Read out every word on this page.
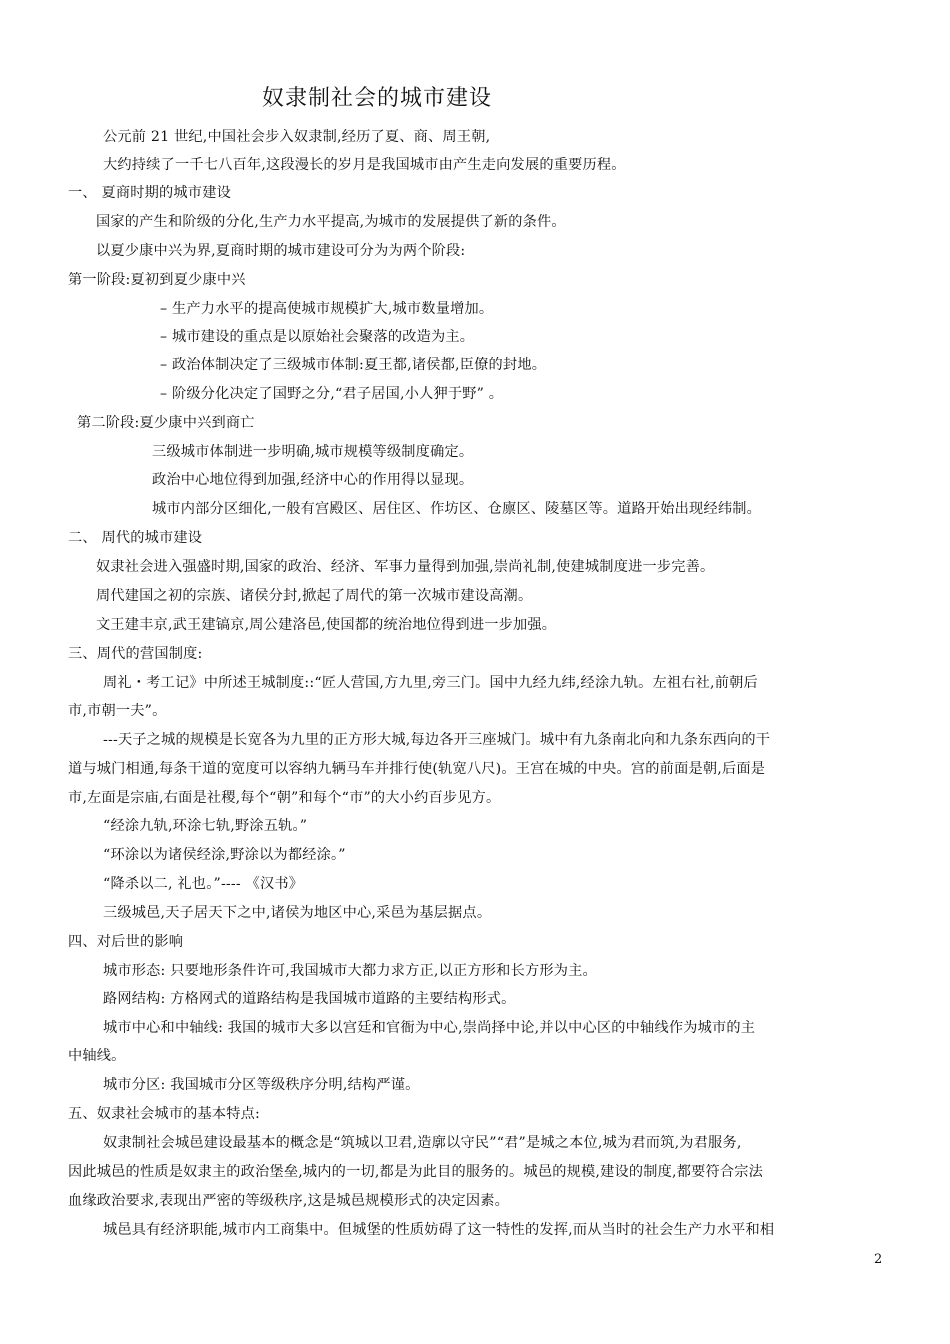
奴隶制社会的城市建设
公元前 21 世纪,中国社会步入奴隶制,经历了夏、商、周王朝,
大约持续了一千七八百年,这段漫长的岁月是我国城市由产生走向发展的重要历程。
一、 夏商时期的城市建设
国家的产生和阶级的分化,生产力水平提高,为城市的发展提供了新的条件。
以夏少康中兴为界,夏商时期的城市建设可分为为两个阶段:
第一阶段:夏初到夏少康中兴
– 生产力水平的提高使城市规模扩大,城市数量增加。
– 城市建设的重点是以原始社会聚落的改造为主。
– 政治体制决定了三级城市体制:夏王都,诸侯都,臣僚的封地。
– 阶级分化决定了国野之分,“君子居国,小人狎于野” 。
第二阶段:夏少康中兴到商亡
三级城市体制进一步明确,城市规模等级制度确定。
政治中心地位得到加强,经济中心的作用得以显现。
城市内部分区细化,一般有宫殿区、居住区、作坊区、仓廪区、陵墓区等。道路开始出现经纬制。
二、 周代的城市建设
奴隶社会进入强盛时期,国家的政治、经济、军事力量得到加强,崇尚礼制,使建城制度进一步完善。
周代建国之初的宗族、诸侯分封,掀起了周代的第一次城市建设高潮。
文王建丰京,武王建镐京,周公建洛邑,使国都的统治地位得到进一步加强。
三、周代的营国制度:
周礼・考工记》中所述王城制度::“匠人营国,方九里,旁三门。国中九经九纬,经涂九轨。左祖右社,前朝后
市,市朝一夫”。
---天子之城的规模是长宽各为九里的正方形大城,每边各开三座城门。城中有九条南北向和九条东西向的干
道与城门相通,每条干道的宽度可以容纳九辆马车并排行使(轨宽八尺)。王宫在城的中央。宫的前面是朝,后面是
市,左面是宗庙,右面是社稷,每个“朝”和每个“市”的大小约百步见方。
“经涂九轨,环涂七轨,野涂五轨。”
“环涂以为诸侯经涂,野涂以为都经涂。”
“降杀以二, 礼也。”---- 《汉书》
三级城邑,天子居天下之中,诸侯为地区中心,采邑为基层据点。
四、对后世的影响
城市形态: 只要地形条件许可,我国城市大都力求方正,以正方形和长方形为主。
路网结构: 方格网式的道路结构是我国城市道路的主要结构形式。
城市中心和中轴线: 我国的城市大多以宫廷和官衙为中心,崇尚择中论,并以中心区的中轴线作为城市的主
中轴线。
城市分区: 我国城市分区等级秩序分明,结构严谨。
五、奴隶社会城市的基本特点:
奴隶制社会城邑建设最基本的概念是“筑城以卫君,造廓以守民”“君”是城之本位,城为君而筑,为君服务,
因此城邑的性质是奴隶主的政治堡垒,城内的一切,都是为此目的服务的。城邑的规模,建设的制度,都要符合宗法
血缘政治要求,表现出严密的等级秩序,这是城邑规模形式的决定因素。
城邑具有经济职能,城市内工商集中。但城堡的性质妨碍了这一特性的发挥,而从当时的社会生产力水平和相
2
